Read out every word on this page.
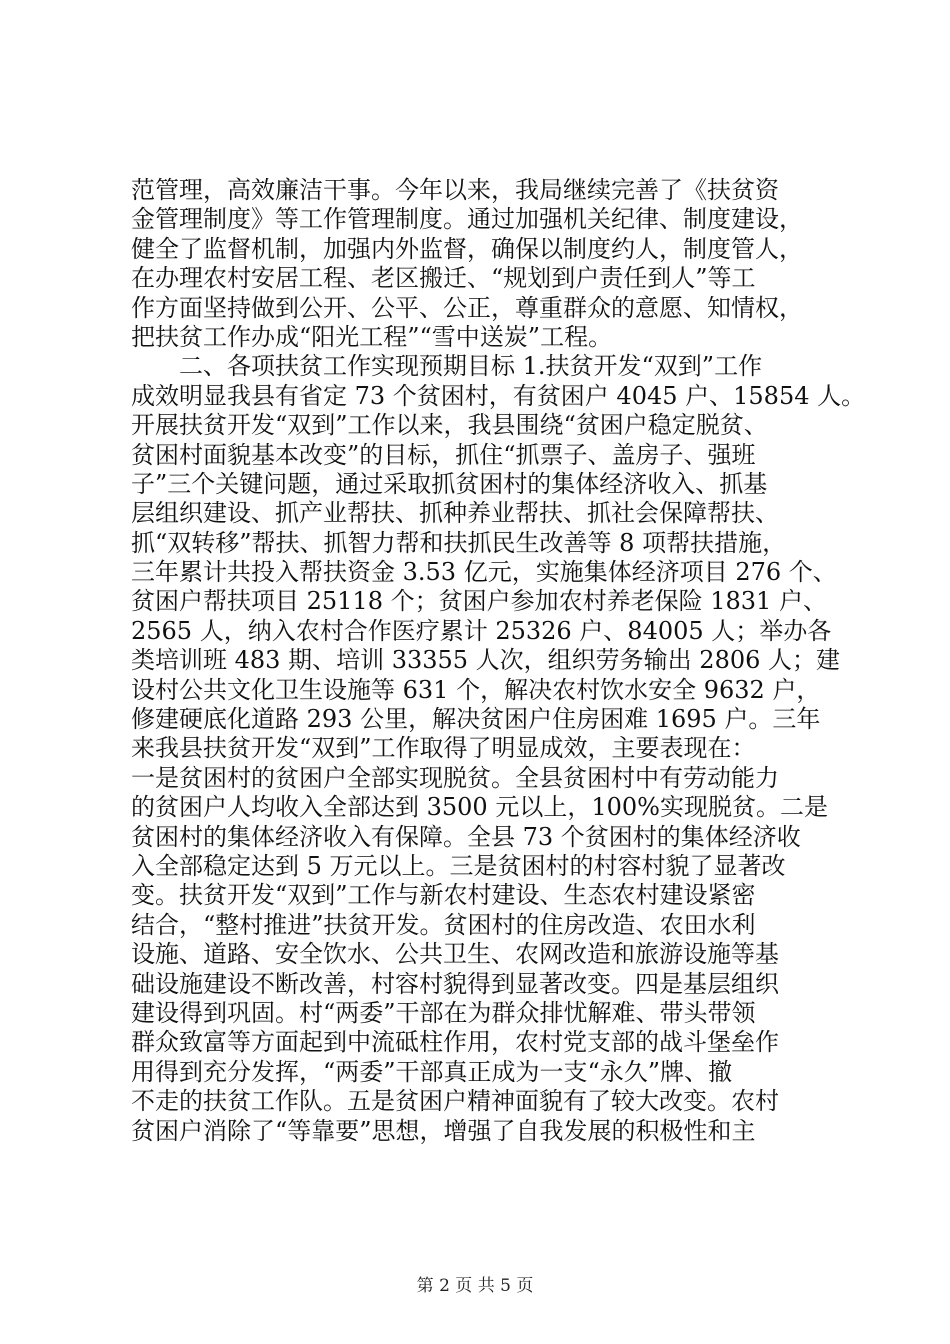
范管理，高效廉洁干事。今年以来，我局继续完善了《扶贫资
金管理制度》等工作管理制度。通过加强机关纪律、制度建设，
健全了监督机制，加强内外监督，确保以制度约人，制度管人，
在办理农村安居工程、老区搬迁、“规划到户责任到人”等工
作方面坚持做到公开、公平、公正，尊重群众的意愿、知情权，
把扶贫工作办成“阳光工程”“雪中送炭”工程。
二、各项扶贫工作实现预期目标 1.扶贫开发“双到”工作
成效明显我县有省定 73 个贫困村，有贫困户 4045 户、15854 人。
开展扶贫开发“双到”工作以来，我县围绕“贫困户稳定脱贫、
贫困村面貌基本改变”的目标，抓住“抓票子、盖房子、强班
子”三个关键问题，通过采取抓贫困村的集体经济收入、抓基
层组织建设、抓产业帮扶、抓种养业帮扶、抓社会保障帮扶、
抓“双转移”帮扶、抓智力帮和扶抓民生改善等 8 项帮扶措施，
三年累计共投入帮扶资金 3.53 亿元，实施集体经济项目 276 个、
贫困户帮扶项目 25118 个；贫困户参加农村养老保险 1831 户、
2565 人，纳入农村合作医疗累计 25326 户、84005 人；举办各
类培训班 483 期、培训 33355 人次，组织劳务输出 2806 人；建
设村公共文化卫生设施等 631 个，解决农村饮水安全 9632 户，
修建硬底化道路 293 公里，解决贫困户住房困难 1695 户。三年
来我县扶贫开发“双到”工作取得了明显成效，主要表现在：
一是贫困村的贫困户全部实现脱贫。全县贫困村中有劳动能力
的贫困户人均收入全部达到 3500 元以上，100%实现脱贫。二是
贫困村的集体经济收入有保障。全县 73 个贫困村的集体经济收
入全部稳定达到 5 万元以上。三是贫困村的村容村貌了显著改
变。扶贫开发“双到”工作与新农村建设、生态农村建设紧密
结合，“整村推进”扶贫开发。贫困村的住房改造、农田水利
设施、道路、安全饮水、公共卫生、农网改造和旅游设施等基
础设施建设不断改善，村容村貌得到显著改变。四是基层组织
建设得到巩固。村“两委”干部在为群众排忧解难、带头带领
群众致富等方面起到中流砥柱作用，农村党支部的战斗堡垒作
用得到充分发挥，“两委”干部真正成为一支“永久”牌、撤
不走的扶贫工作队。五是贫困户精神面貌有了较大改变。农村
贫困户消除了“等靠要”思想，增强了自我发展的积极性和主
第 2 页 共 5 页
